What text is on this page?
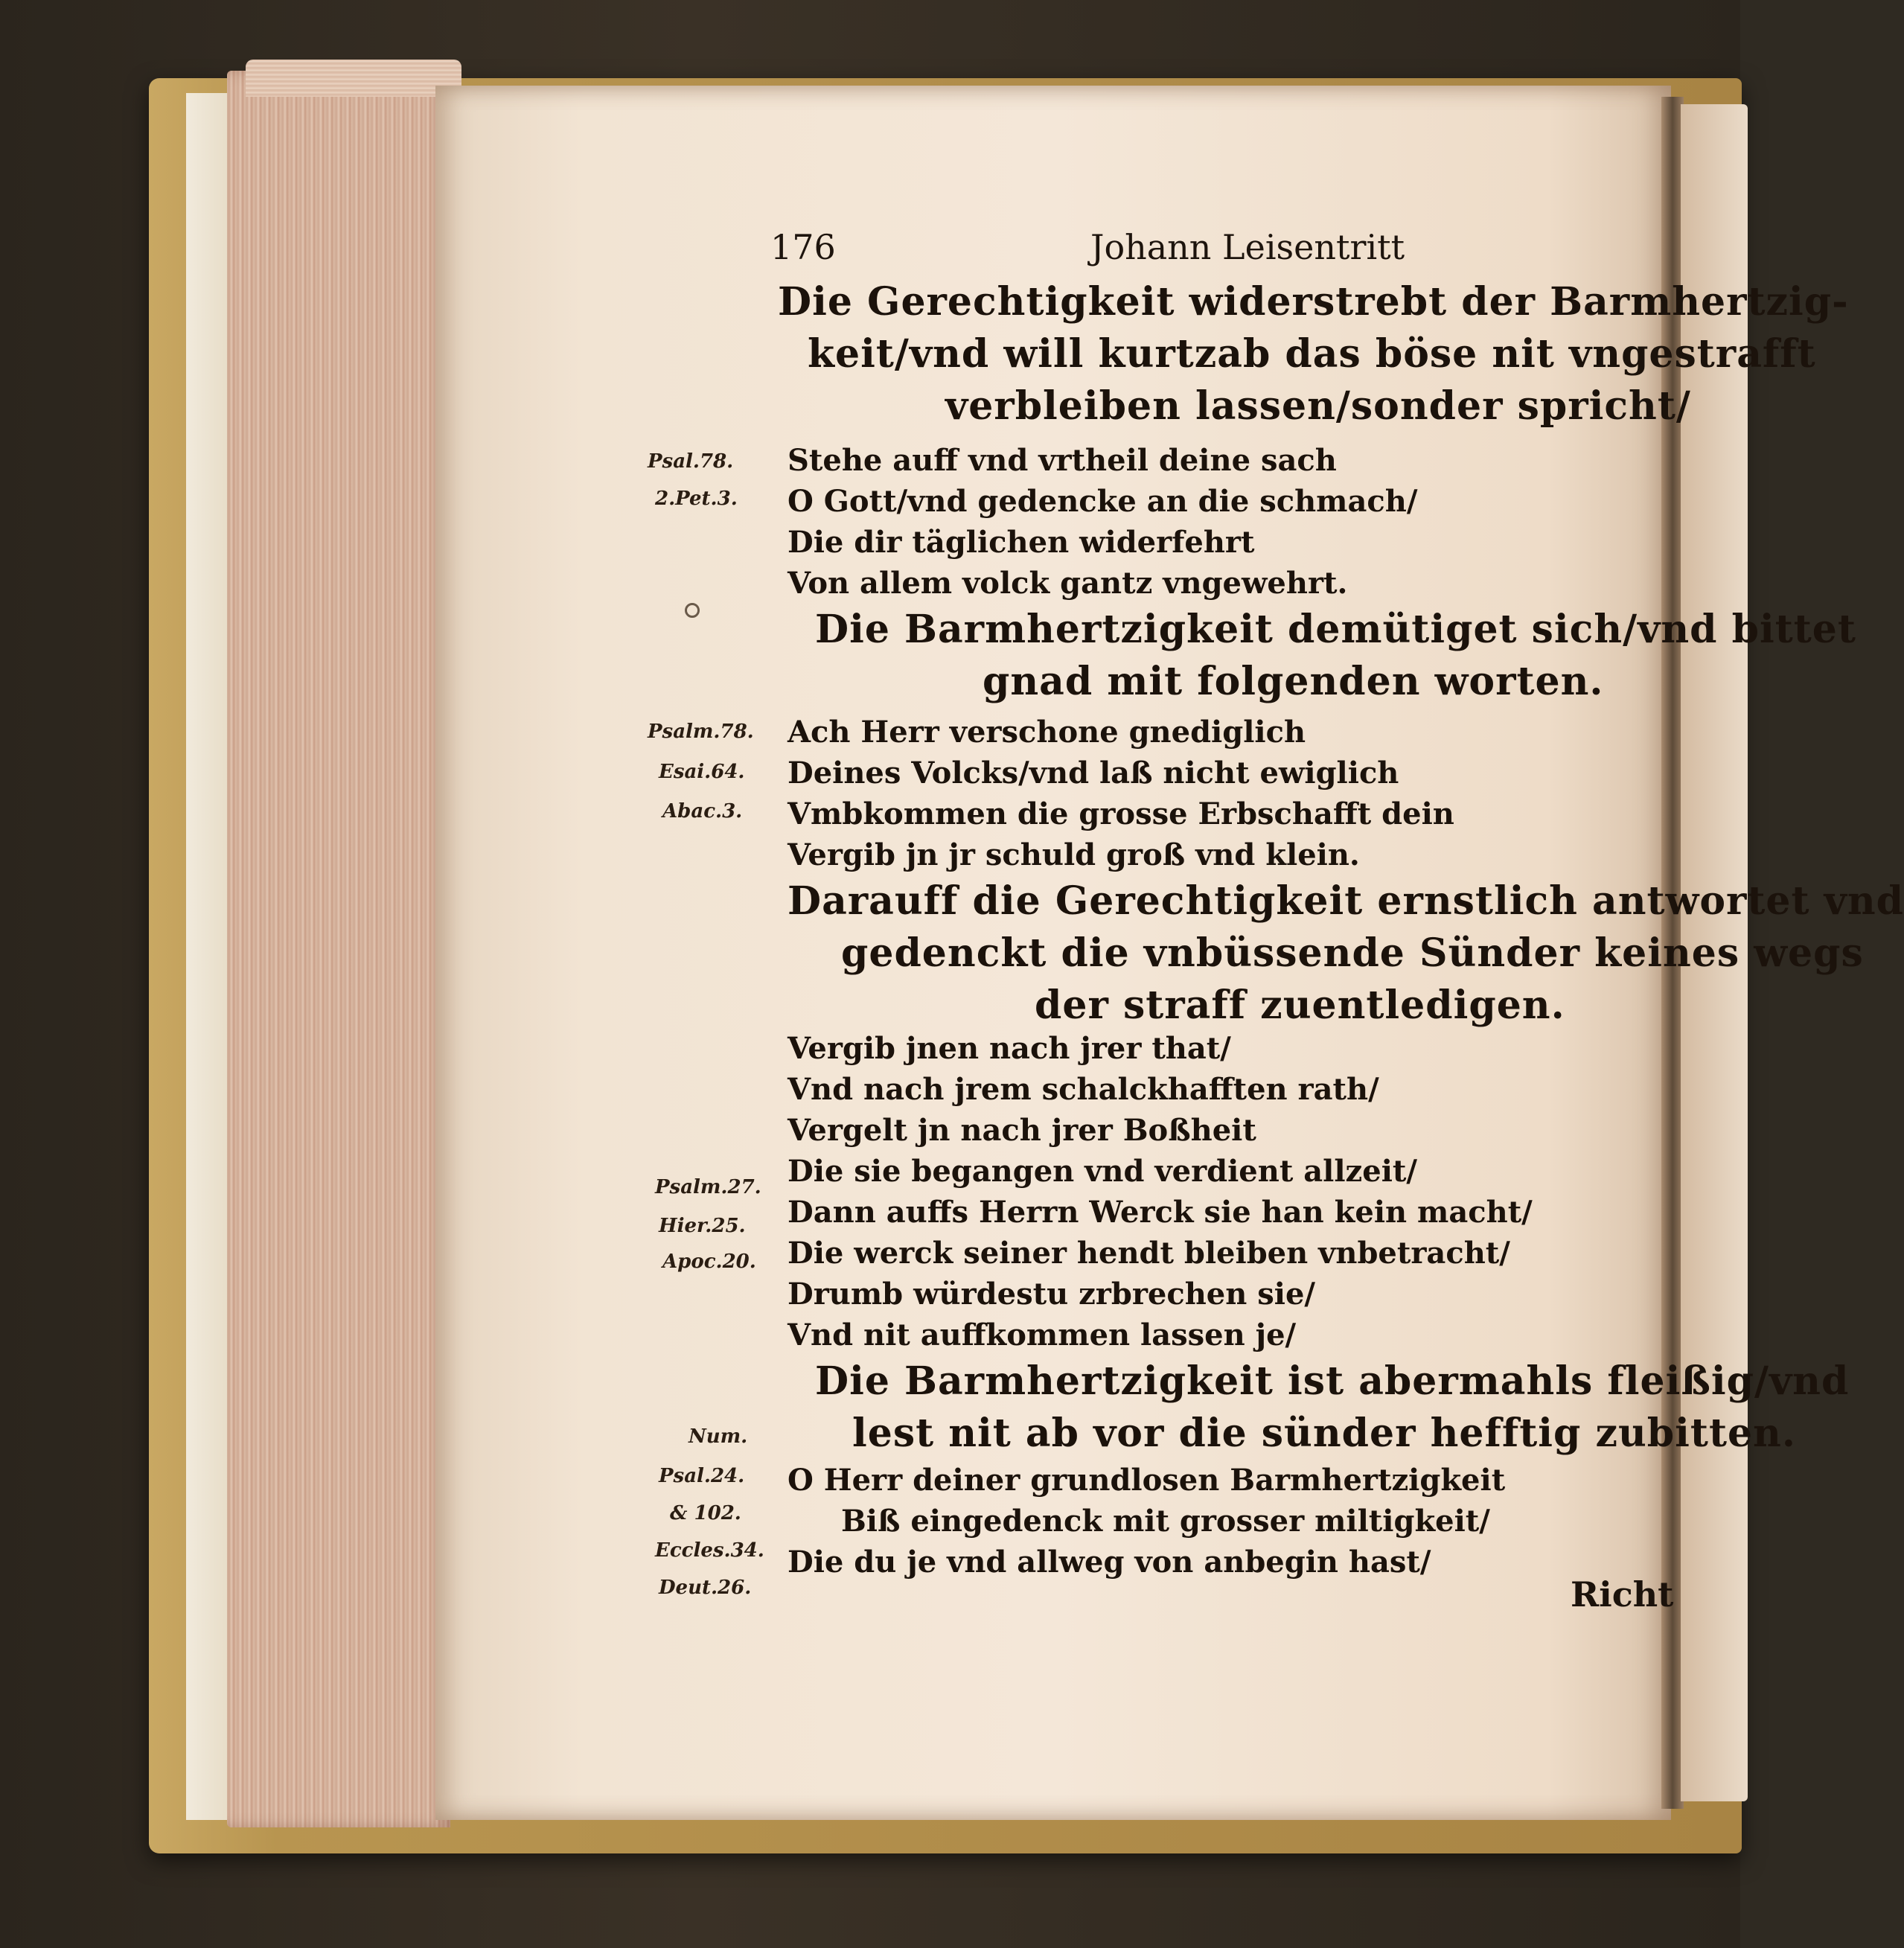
176	Johann Leisentritt
Die Gerechtigkeit widerstrebt der Barmhertzig-
keit/vnd will kurtzab das böse nit vngestrafft
verbleiben lassen/sonder spricht/
Stehe auff vnd vrtheil deine sach
O Gott/vnd gedencke an die schmach/
Die dir täglichen widerfehrt
Von allem volck gantz vngewehrt.
Die Barmhertzigkeit demütiget sich/vnd bittet
gnad mit folgenden worten.
Ach Herr verschone gnediglich
Deines Volcks/vnd laß nicht ewiglich
Vmbkommen die grosse Erbschafft dein
Vergib jn jr schuld groß vnd klein.
Darauff die Gerechtigkeit ernstlich antwortet vnd
gedenckt die vnbüssende Sünder keines wegs
der straff zuentledigen.
Vergib jnen nach jrer that/
Vnd nach jrem schalckhafften rath/
Vergelt jn nach jrer Boßheit
Die sie begangen vnd verdient allzeit/
Dann auffs Herrn Werck sie han kein macht/
Die werck seiner hendt bleiben vnbetracht/
Drumb würdestu zrbrechen sie/
Vnd nit auffkommen lassen je/
Die Barmhertzigkeit ist abermahls fleißig/vnd
lest nit ab vor die sünder hefftig zubitten.
O Herr deiner grundlosen Barmhertzigkeit
Biß eingedenck mit grosser miltigkeit/
Die du je vnd allweg von anbegin hast/
Psal.78.
2.Pet.3.
Psalm.78.
Esai.64.
Abac.3.
Psalm.27.
Hier.25.
Apoc.20.
Num.
Psal.24.
& 102.
Eccles.34.
Deut.26.	Richt
